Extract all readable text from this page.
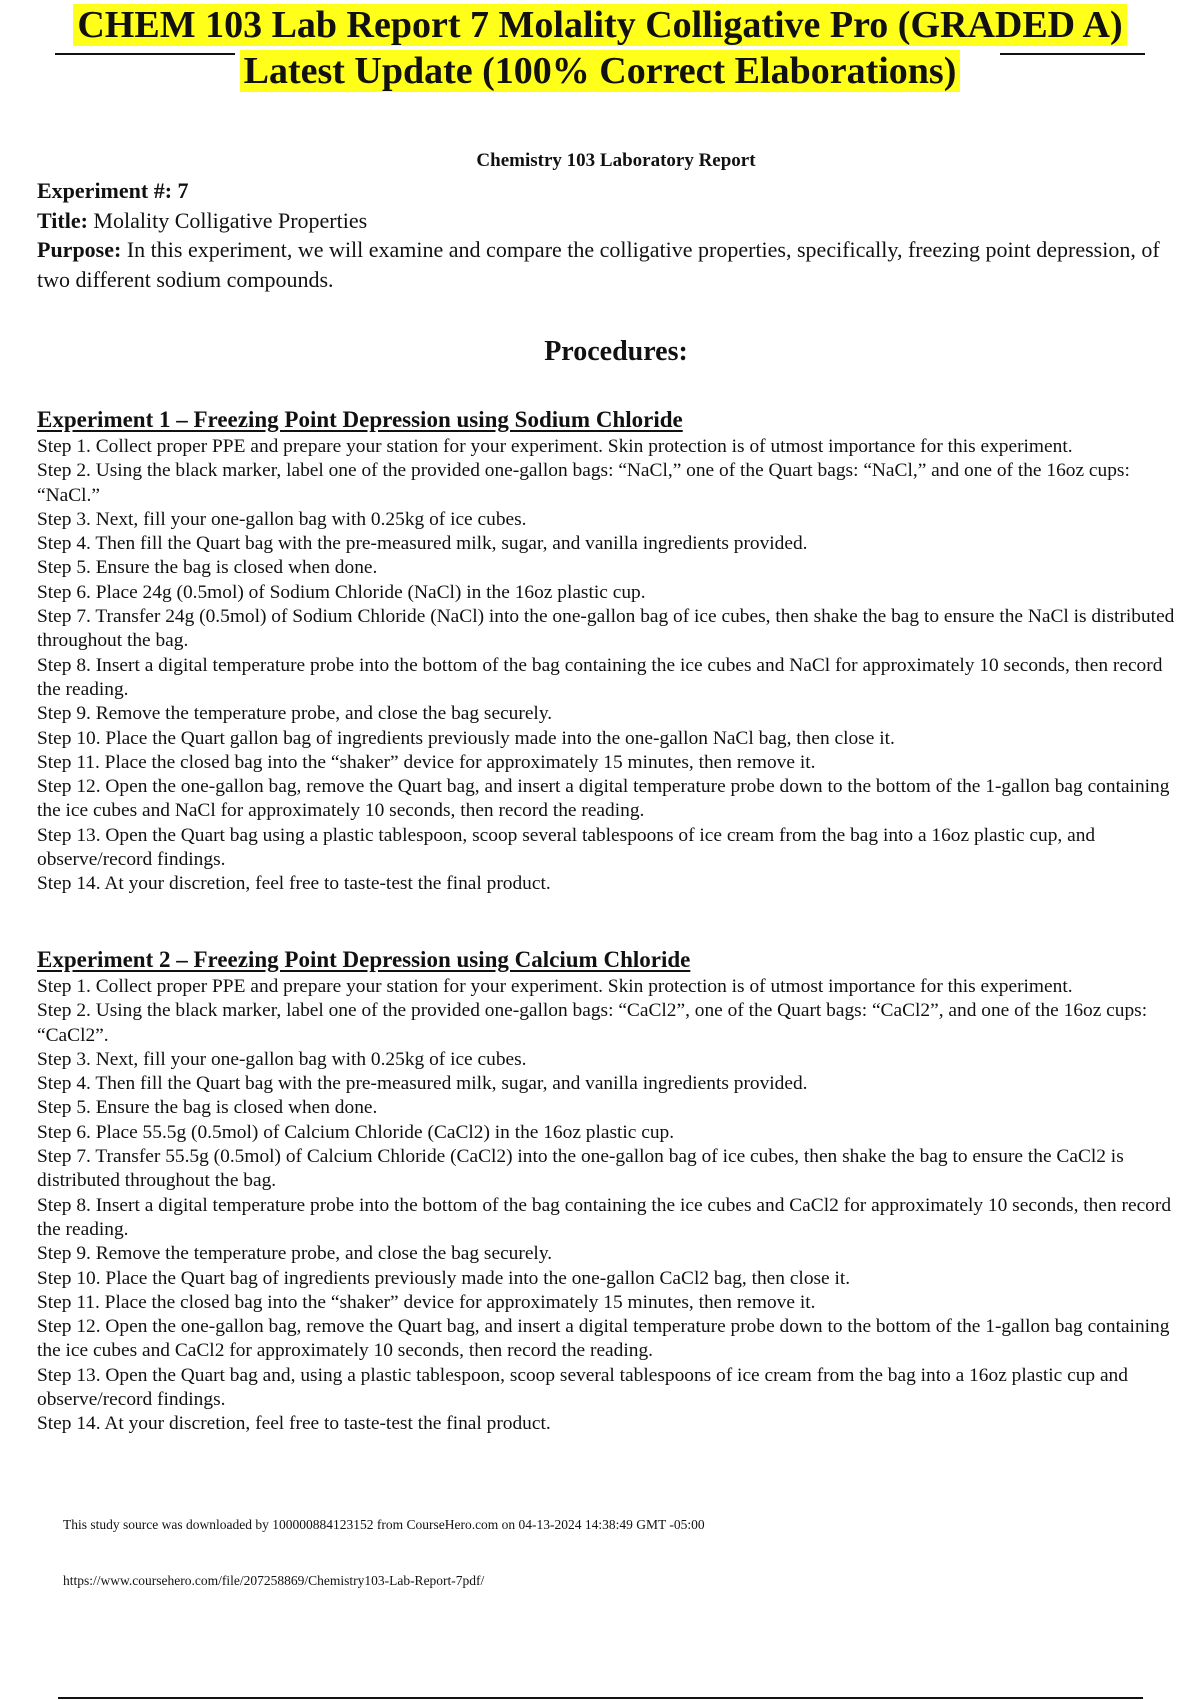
CHEM 103 Lab Report 7 Molality Colligative Pro (GRADED A)
Latest Update (100% Correct Elaborations)
Chemistry 103 Laboratory Report
Experiment #: 7
Title: Molality Colligative Properties
Purpose: In this experiment, we will examine and compare the colligative properties, specifically, freezing point depression, of two different sodium compounds.
Procedures:
Experiment 1 – Freezing Point Depression using Sodium Chloride

Step 1. Collect proper PPE and prepare your station for your experiment. Skin protection is of utmost importance for this experiment.

Step 2. Using the black marker, label one of the provided one-gallon bags: “NaCl,” one of the Quart bags: “NaCl,” and one of the 16oz cups: “NaCl.”

Step 3. Next, fill your one-gallon bag with 0.25kg of ice cubes.

Step 4. Then fill the Quart bag with the pre-measured milk, sugar, and vanilla ingredients provided.

Step 5. Ensure the bag is closed when done.

Step 6. Place 24g (0.5mol) of Sodium Chloride (NaCl) in the 16oz plastic cup.

Step 7. Transfer 24g (0.5mol) of Sodium Chloride (NaCl) into the one-gallon bag of ice cubes, then shake the bag to ensure the NaCl is distributed throughout the bag.

Step 8. Insert a digital temperature probe into the bottom of the bag containing the ice cubes and NaCl for approximately 10 seconds, then record the reading.

Step 9. Remove the temperature probe, and close the bag securely.

Step 10. Place the Quart gallon bag of ingredients previously made into the one-gallon NaCl bag, then close it.

Step 11. Place the closed bag into the “shaker” device for approximately 15 minutes, then remove it.

Step 12. Open the one-gallon bag, remove the Quart bag, and insert a digital temperature probe down to the bottom of the 1-gallon bag containing the ice cubes and NaCl for approximately 10 seconds, then record the reading.

Step 13. Open the Quart bag using a plastic tablespoon, scoop several tablespoons of ice cream from the bag into a 16oz plastic cup, and observe/record findings.

Step 14. At your discretion, feel free to taste-test the final product.

Experiment 2 – Freezing Point Depression using Calcium Chloride

Step 1. Collect proper PPE and prepare your station for your experiment. Skin protection is of utmost importance for this experiment.

Step 2. Using the black marker, label one of the provided one-gallon bags: “CaCl2”, one of the Quart bags: “CaCl2”, and one of the 16oz cups: “CaCl2”.

Step 3. Next, fill your one-gallon bag with 0.25kg of ice cubes.

Step 4. Then fill the Quart bag with the pre-measured milk, sugar, and vanilla ingredients provided.

Step 5. Ensure the bag is closed when done.

Step 6. Place 55.5g (0.5mol) of Calcium Chloride (CaCl2) in the 16oz plastic cup.

Step 7. Transfer 55.5g (0.5mol) of Calcium Chloride (CaCl2) into the one-gallon bag of ice cubes, then shake the bag to ensure the CaCl2 is distributed throughout the bag.

Step 8. Insert a digital temperature probe into the bottom of the bag containing the ice cubes and CaCl2 for approximately 10 seconds, then record the reading.

Step 9. Remove the temperature probe, and close the bag securely.

Step 10. Place the Quart bag of ingredients previously made into the one-gallon CaCl2 bag, then close it.

Step 11. Place the closed bag into the “shaker” device for approximately 15 minutes, then remove it.

Step 12. Open the one-gallon bag, remove the Quart bag, and insert a digital temperature probe down to the bottom of the 1-gallon bag containing the ice cubes and CaCl2 for approximately 10 seconds, then record the reading.

Step 13. Open the Quart bag and, using a plastic tablespoon, scoop several tablespoons of ice cream from the bag into a 16oz plastic cup and observe/record findings.

Step 14. At your discretion, feel free to taste-test the final product.

This study source was downloaded by 100000884123152 from CourseHero.com on 04-13-2024 14:38:49 GMT -05:00
https://www.coursehero.com/file/207258869/Chemistry103-Lab-Report-7pdf/
